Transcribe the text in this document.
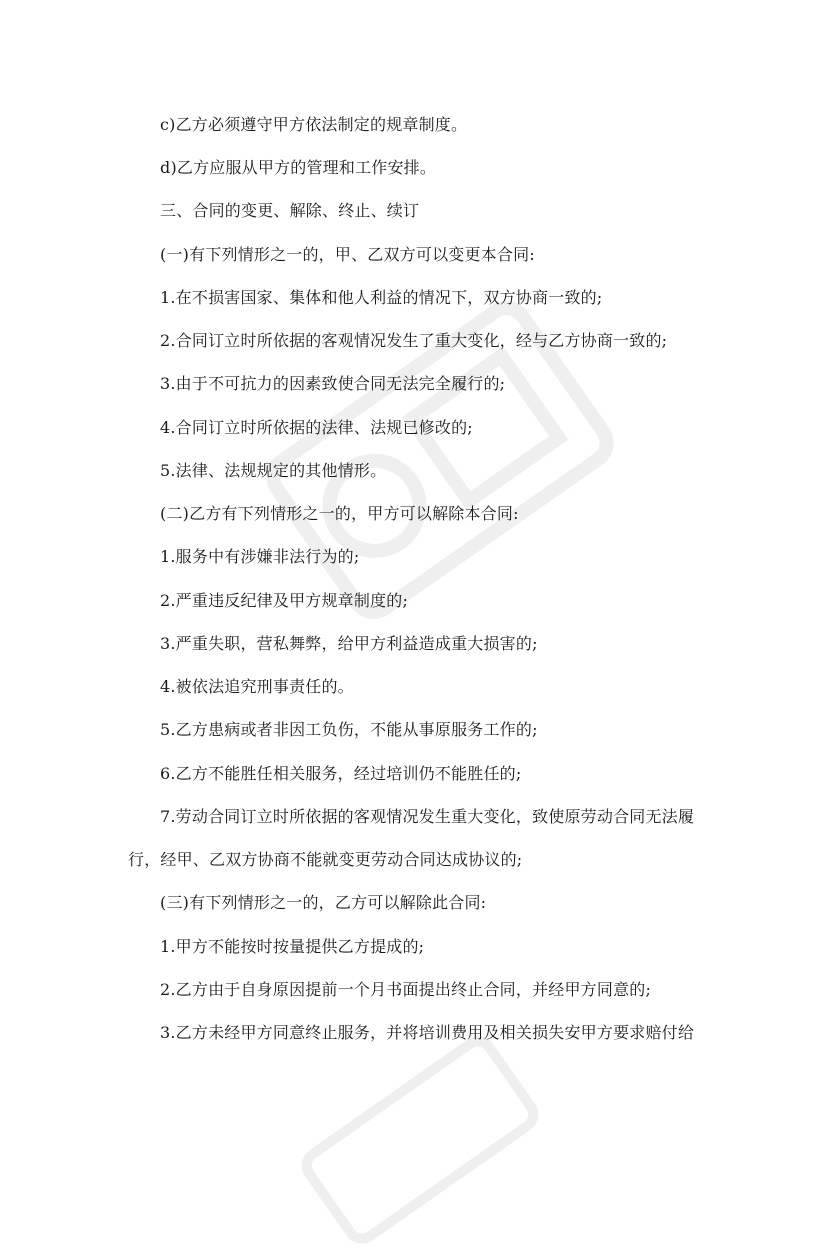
c)乙方必须遵守甲方依法制定的规章制度。
d)乙方应服从甲方的管理和工作安排。
三、合同的变更、解除、终止、续订
(一)有下列情形之一的，甲、乙双方可以变更本合同:
1.在不损害国家、集体和他人利益的情况下，双方协商一致的;
2.合同订立时所依据的客观情况发生了重大变化，经与乙方协商一致的;
3.由于不可抗力的因素致使合同无法完全履行的;
4.合同订立时所依据的法律、法规已修改的;
5.法律、法规规定的其他情形。
(二)乙方有下列情形之一的，甲方可以解除本合同:
1.服务中有涉嫌非法行为的;
2.严重违反纪律及甲方规章制度的;
3.严重失职，营私舞弊，给甲方利益造成重大损害的;
4.被依法追究刑事责任的。
5.乙方患病或者非因工负伤，不能从事原服务工作的;
6.乙方不能胜任相关服务，经过培训仍不能胜任的;
7.劳动合同订立时所依据的客观情况发生重大变化，致使原劳动合同无法履
行，经甲、乙双方协商不能就变更劳动合同达成协议的;
(三)有下列情形之一的，乙方可以解除此合同:
1.甲方不能按时按量提供乙方提成的;
2.乙方由于自身原因提前一个月书面提出终止合同，并经甲方同意的;
3.乙方未经甲方同意终止服务，并将培训费用及相关损失安甲方要求赔付给
